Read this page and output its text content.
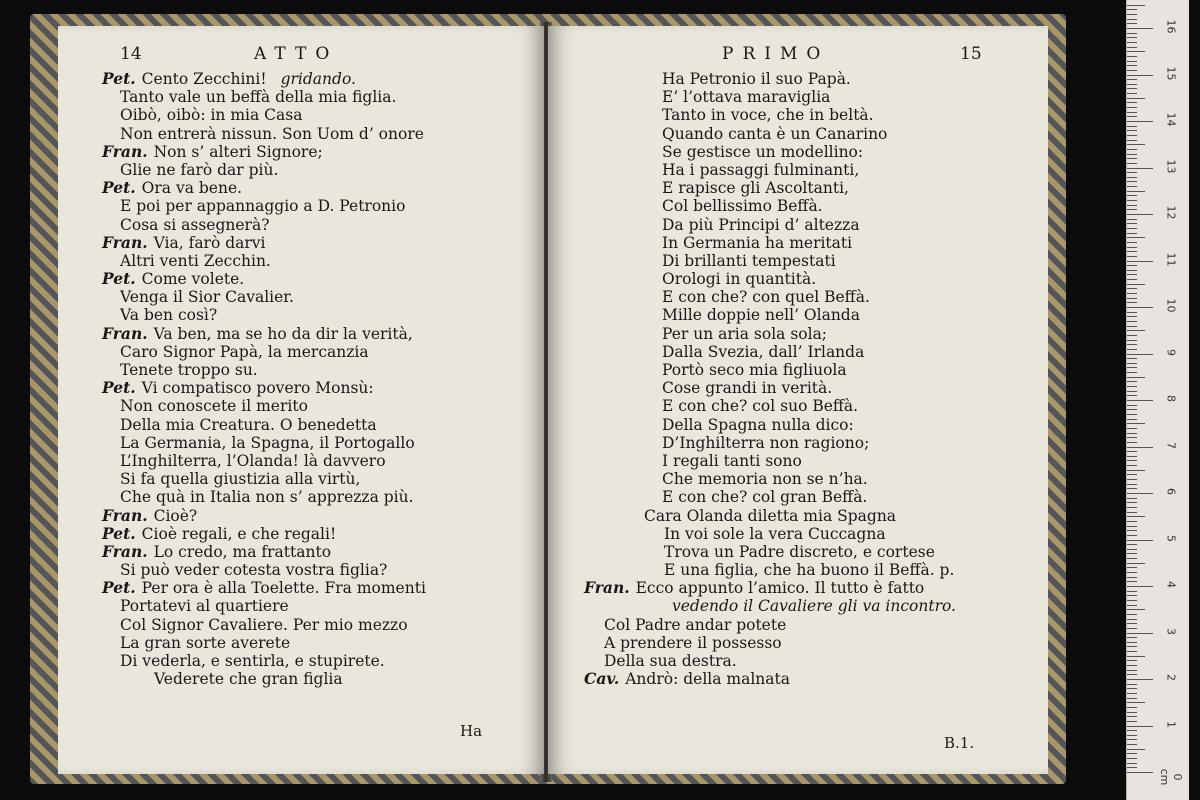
14	ATTO
Pet. Cento Zecchini! gridando.
Tanto vale un beffà della mia figlia.
Oibò, oibò: in mia Casa
Non entrerà nissun. Son Uom d’ onore
Fran. Non s’ alteri Signore;
Glie ne farò dar più.
Pet. Ora va bene.
E poi per appannaggio a D. Petronio
Cosa si assegnerà?
Fran. Via, farò darvi
Altri venti Zecchin.
Pet. Come volete.
Venga il Sior Cavalier.
Va ben così?
Fran. Va ben, ma se ho da dir la verità,
Caro Signor Papà, la mercanzia
Tenete troppo su.
Pet. Vi compatisco povero Monsù:
Non conoscete il merito
Della mia Creatura. O benedetta
La Germania, la Spagna, il Portogallo
L’Inghilterra, l’Olanda! là davvero
Si fa quella giustizia alla virtù,
Che quà in Italia non s’ apprezza più.
Fran. Cioè?
Pet. Cioè regali, e che regali!
Fran. Lo credo, ma frattanto
Si può veder cotesta vostra figlia?
Pet. Per ora è alla Toelette. Fra momenti
Portatevi al quartiere
Col Signor Cavaliere. Per mio mezzo
La gran sorte averete
Di vederla, e sentirla, e stupirete.
Vederete che gran figlia
Ha
PRIMO	15
Ha Petronio il suo Papà.
E’ l’ottava maraviglia
Tanto in voce, che in beltà.
Quando canta è un Canarino
Se gestisce un modellino:
Ha i passaggi fulminanti,
E rapisce gli Ascoltanti,
Col bellissimo Beffà.
Da più Principi d’ altezza
In Germania ha meritati
Di brillanti tempestati
Orologi in quantità.
E con che? con quel Beffà.
Mille doppie nell’ Olanda
Per un aria sola sola;
Dalla Svezia, dall’ Irlanda
Portò seco mia figliuola
Cose grandi in verità.
E con che? col suo Beffà.
Della Spagna nulla dico:
D’Inghilterra non ragiono;
I regali tanti sono
Che memoria non se n’ha.
E con che? col gran Beffà.
Cara Olanda diletta mia Spagna
In voi sole la vera Cuccagna
Trova un Padre discreto, e cortese
E una figlia, che ha buono il Beffà. p.
Fran. Ecco appunto l’amico. Il tutto è fatto
vedendo il Cavaliere gli va incontro.
Col Padre andar potete
A prendere il possesso
Della sua destra.
Cav. Andrò: della malnata
B.1.
0 cm
1
2
3
4
5
6
7
8
9
10
11
12
13
14
15
16
